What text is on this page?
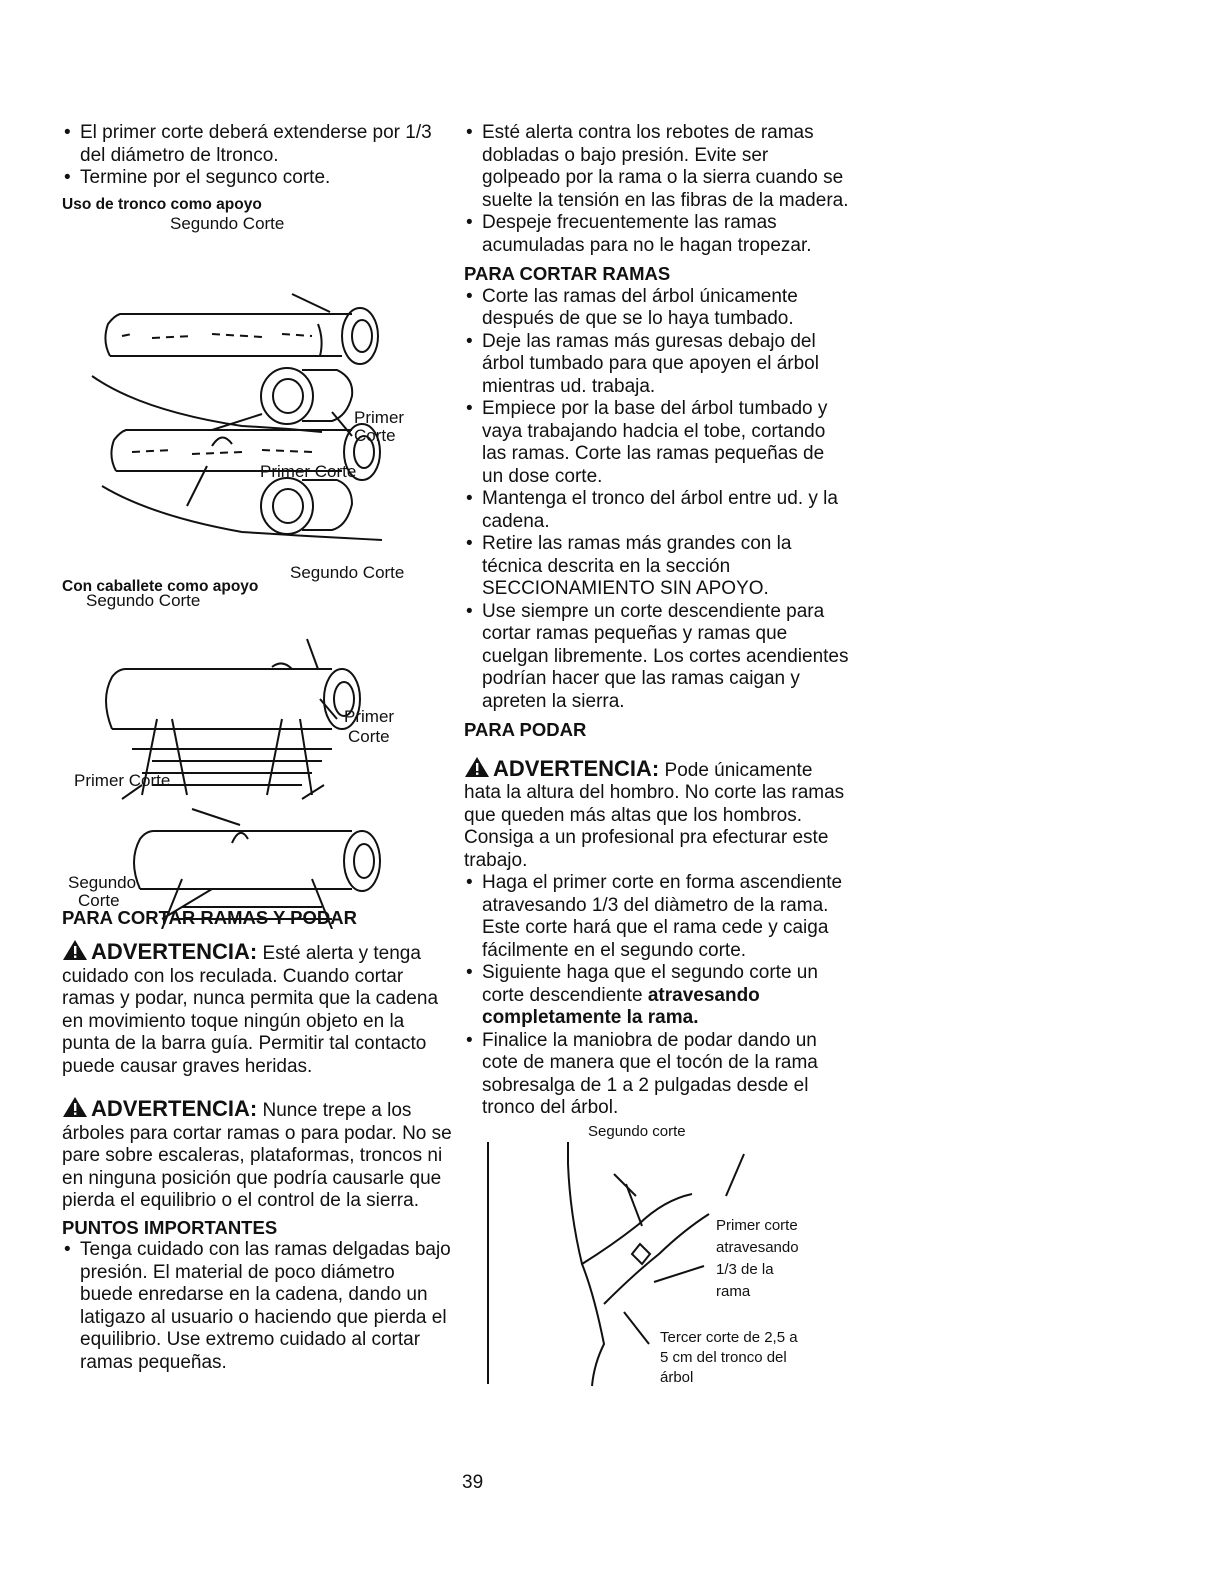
• El primer corte deberá extenderse por 1/3 del diámetro de ltronco.
• Termine por el segunco corte.
Uso de tronco como apoyo
Segundo Corte
Primer
Corte
Primer Corte
Segundo Corte
Con caballete como apoyo
Segundo Corte
Primer
Corte
Primer Corte
Segundo
Corte
PARA CORTAR RAMAS Y PODAR
ADVERTENCIA: Esté alerta y tenga cuidado con los reculada. Cuando cortar ramas y podar, nunca permita que la cadena en movimiento toque ningún objeto en la punta de la barra guía. Permitir tal contacto puede causar graves heridas.
ADVERTENCIA: Nunce trepe a los árboles para cortar ramas o para podar. No se pare sobre escaleras, plataformas, troncos ni en ninguna posición que podría causarle que pierda el equilibrio o el control de la sierra.
PUNTOS IMPORTANTES
• Tenga cuidado con las ramas delgadas bajo presión. El material de poco diámetro buede enredarse en la cadena, dando un latigazo al usuario o haciendo que pierda el equilibrio. Use extremo cuidado al cortar ramas pequeñas.
• Esté alerta contra los rebotes de ramas dobladas o bajo presión. Evite ser golpeado por la rama o la sierra cuando se suelte la tensión en las fibras de la madera.
• Despeje frecuentemente las ramas acumuladas para no le hagan tropezar.
PARA CORTAR RAMAS
• Corte las ramas del árbol únicamente después de que se lo haya tumbado.
• Deje las ramas más guresas debajo del árbol tumbado para que apoyen el árbol mientras ud. trabaja.
• Empiece por la base del árbol tumbado y vaya trabajando hadcia el tobe, cortando las ramas. Corte las ramas pequeñas de un dose corte.
• Mantenga el tronco del árbol entre ud. y la cadena.
• Retire las ramas más grandes con la técnica descrita en la sección SECCIONAMIENTO SIN APOYO.
• Use siempre un corte descendiente para cortar ramas pequeñas y ramas que cuelgan libremente. Los cortes acendientes podrían hacer que las ramas caigan y apreten la sierra.
PARA PODAR
ADVERTENCIA: Pode únicamente hata la altura del hombro. No corte las ramas que queden más altas que los hombros. Consiga a un profesional pra efecturar este trabajo.
• Haga el primer corte en forma ascendiente atravesando 1/3 del diàmetro de la rama. Este corte hará que el rama cede y caiga fácilmente en el segundo corte.
• Siguiente haga que el segundo corte un corte descendiente atravesando completamente la rama.
• Finalice la maniobra de podar dando un cote de manera que el tocón de la rama sobresalga de 1 a 2 pulgadas desde el tronco del árbol.
Segundo corte
Primer corte
atravesando
1/3 de la
rama
Tercer corte de 2,5 a
5 cm del tronco del
árbol
39
